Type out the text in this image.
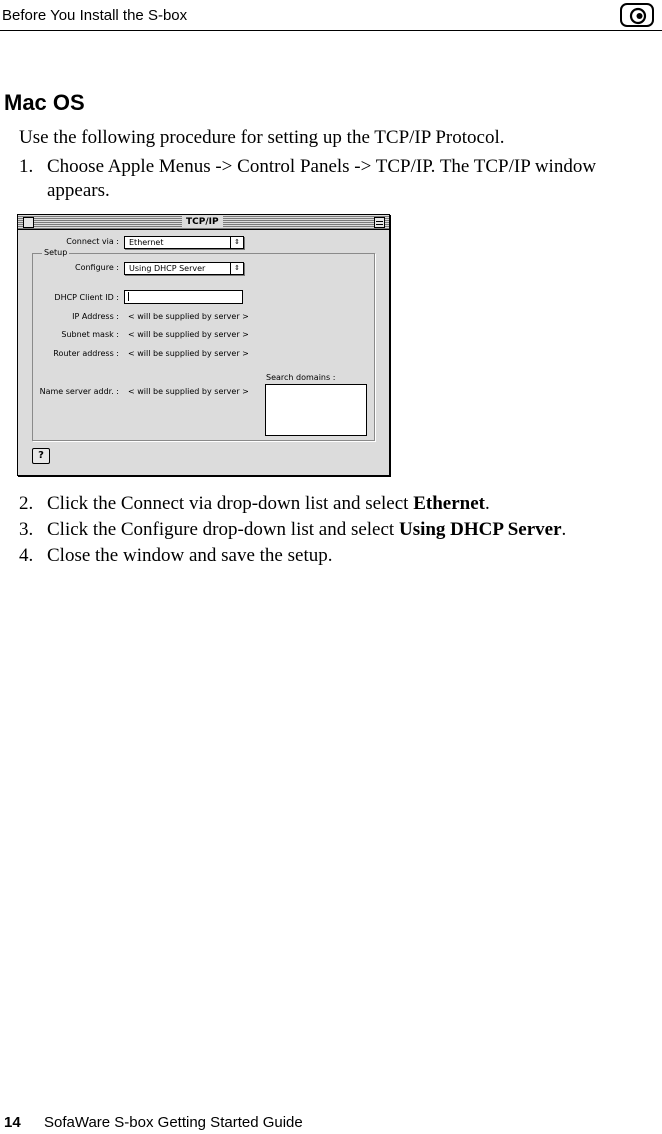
Before You Install the S-box
Mac OS

Use the following procedure for setting up the TCP/IP Protocol.

1. Choose Apple Menus -> Control Panels -> TCP/IP. The TCP/IP window
appears.
TCP/IP
Connect via : Ethernet	⇕
Setup
Configure : Using DHCP Server	⇕
DHCP Client ID :
IP Address : < will be supplied by server >
Subnet mask : < will be supplied by server >
Router address : < will be supplied by server >
Search domains :
Name server addr. : < will be supplied by server >
?
2. Click the Connect via drop-down list and select Ethernet.
3. Click the Configure drop-down list and select Using DHCP Server.
4. Close the window and save the setup.
14 SofaWare S-box Getting Started Guide
